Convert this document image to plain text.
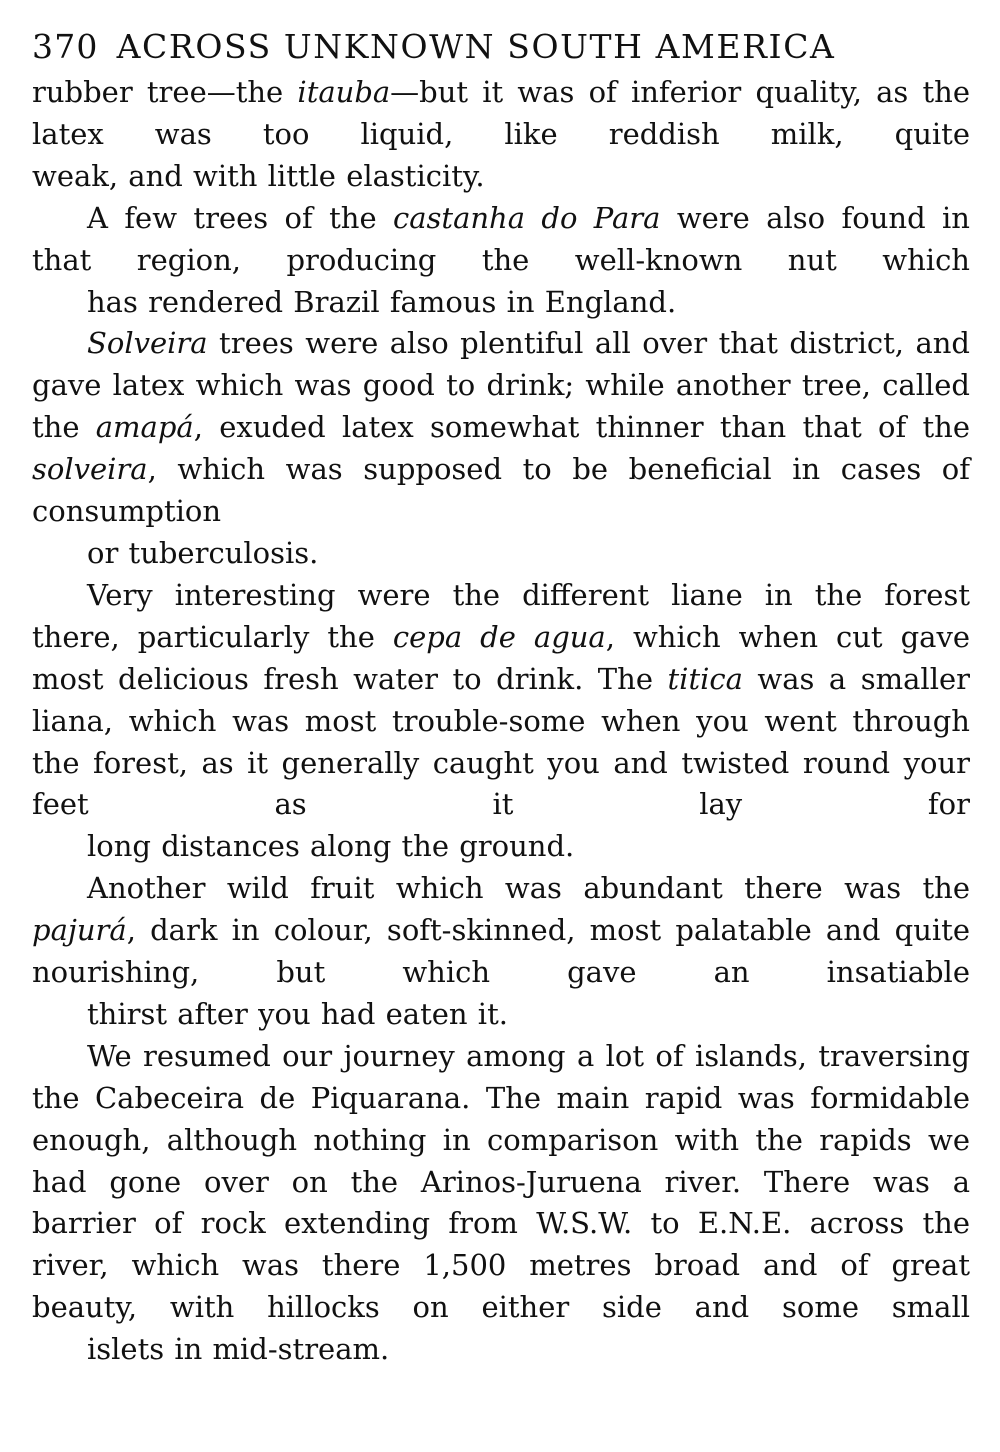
370 ACROSS UNKNOWN SOUTH AMERICA

rubber tree—the itauba—but it was of inferior quality, as the latex was too liquid, like reddish milk, quite
weak, and with little elasticity.

A few trees of the castanha do Para were also found in that region, producing the well-known nut which
has rendered Brazil famous in England.

Solveira trees were also plentiful all over that district, and gave latex which was good to drink; while another tree, called the amapá, exuded latex somewhat thinner than that of the solveira, which was supposed to be beneficial in cases of consumption
or tuberculosis.

Very interesting were the different liane in the forest there, particularly the cepa de agua, which when cut gave most delicious fresh water to drink. The titica was a smaller liana, which was most trouble-some when you went through the forest, as it generally caught you and twisted round your feet as it lay for
long distances along the ground.

Another wild fruit which was abundant there was the pajurá, dark in colour, soft-skinned, most palatable and quite nourishing, but which gave an insatiable
thirst after you had eaten it.

We resumed our journey among a lot of islands, traversing the Cabeceira de Piquarana. The main rapid was formidable enough, although nothing in comparison with the rapids we had gone over on the Arinos-Juruena river. There was a barrier of rock extending from W.S.W. to E.N.E. across the river, which was there 1,500 metres broad and of great beauty, with hillocks on either side and some small
islets in mid-stream.
